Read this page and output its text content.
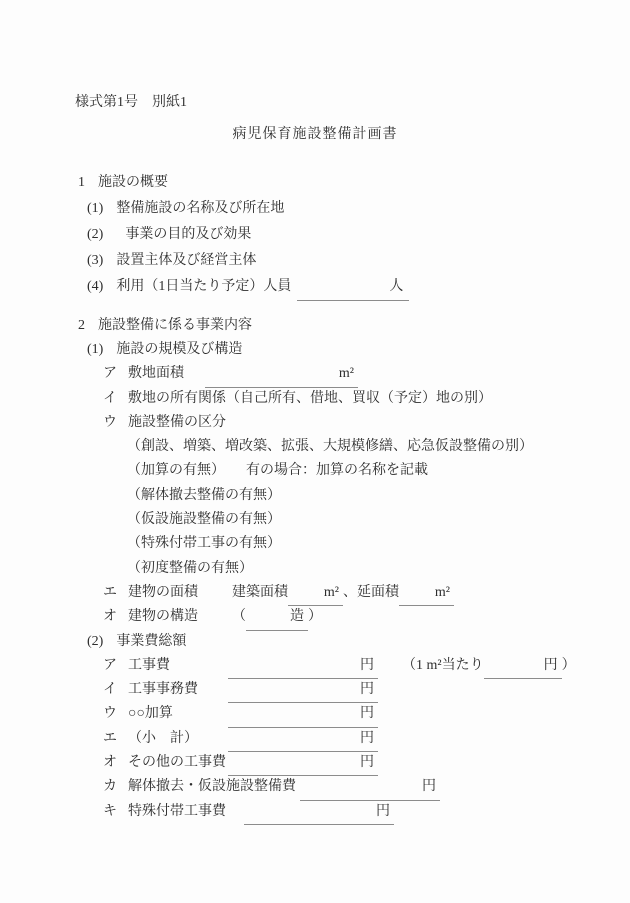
様式第1号　別紙1
病児保育施設整備計画書
1 施設の概要
(1) 整備施設の名称及び所在地
(2) 事業の目的及び効果
(3) 設置主体及び経営主体
(4) 利用（1日当たり予定）人員	人
2 施設整備に係る事業内容
(1) 施設の規模及び構造
ア 敷地面積	m²
イ 敷地の所有関係（自己所有、借地、買収（予定）地の別）
ウ 施設整備の区分
（創設、増築、増改築、拡張、大規模修繕、応急仮設整備の別）
（加算の有無）　　有の場合：加算の名称を記載
（解体撤去整備の有無）
（仮設施設整備の有無）
（特殊付帯工事の有無）
（初度整備の有無）
エ 建物の面積 建築面積	m² 、延面積	m²
オ 建物の構造 （	造 ）
(2) 事業費総額
ア 工事費	円 （1 m²当たり	円 ）
イ 工事事務費	円
ウ ○○加算	円
エ （小　計）	円
オ その他の工事費	円
カ 解体撤去・仮設施設整備費	円
キ 特殊付帯工事費	円
